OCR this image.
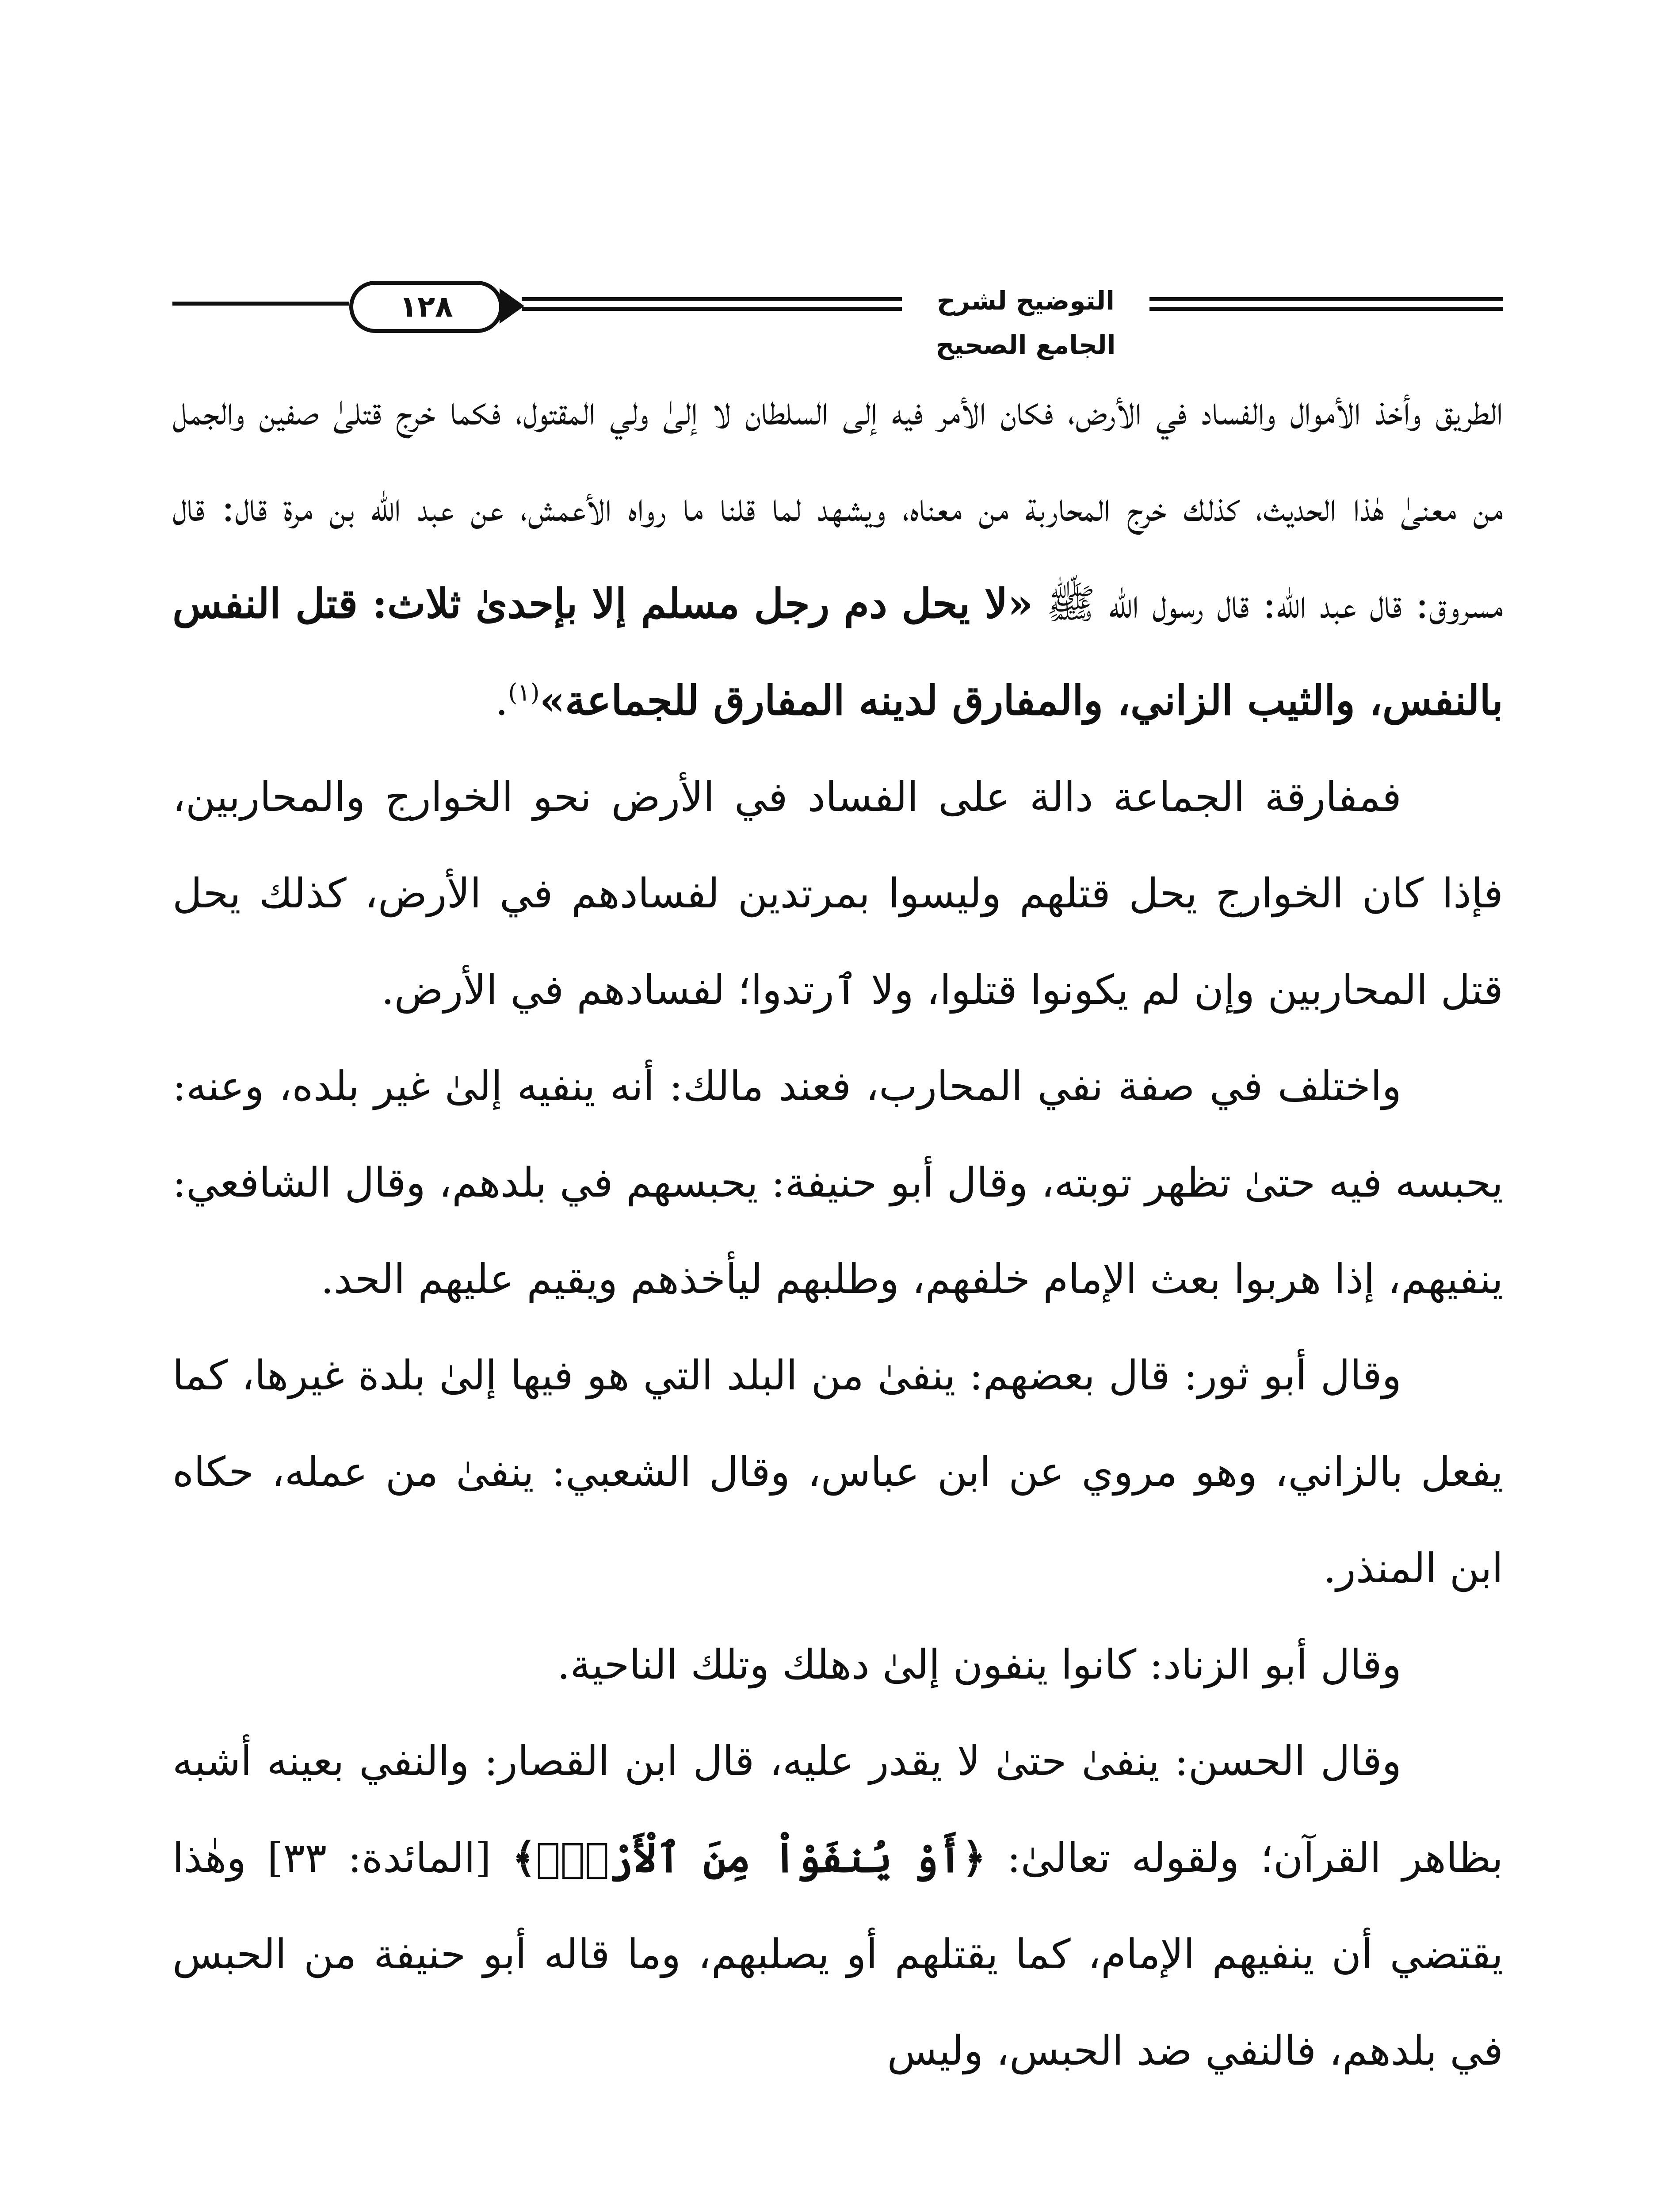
١٢٨	التوضيح لشرح الجامع الصحيح

الطريق وأخذ الأموال والفساد في الأرض، فكان الأمر فيه إلى السلطان لا إلىٰ ولي المقتول، فكما خرج قتلىٰ صفين والجمل من معنىٰ هٰذا الحديث، كذلك خرج المحاربة من معناه، ويشهد لما قلنا ما رواه الأعمش، عن عبد الله بن مرة قال: قال مسروق: قال عبد الله: قال رسول الله ﷺ «لا يحل دم رجل مسلم إلا بإحدىٰ ثلاث: قتل النفس بالنفس، والثيب الزاني، والمفارق لدينه المفارق للجماعة»$^{(١)}$.

فمفارقة الجماعة دالة على الفساد في الأرض نحو الخوارج والمحاربين، فإذا كان الخوارج يحل قتلهم وليسوا بمرتدين لفسادهم في الأرض، كذلك يحل قتل المحاربين وإن لم يكونوا قتلوا، ولا ٱرتدوا؛ لفسادهم في الأرض.

واختلف في صفة نفي المحارب، فعند مالك: أنه ينفيه إلىٰ غير بلده، وعنه: يحبسه فيه حتىٰ تظهر توبته، وقال أبو حنيفة: يحبسهم في بلدهم، وقال الشافعي: ينفيهم، إذا هربوا بعث الإمام خلفهم، وطلبهم ليأخذهم ويقيم عليهم الحد.

وقال أبو ثور: قال بعضهم: ينفىٰ من البلد التي هو فيها إلىٰ بلدة غيرها، كما يفعل بالزاني، وهو مروي عن ابن عباس، وقال الشعبي: ينفىٰ من عمله، حكاه ابن المنذر.

وقال أبو الزناد: كانوا ينفون إلىٰ دهلك وتلك الناحية.

وقال الحسن: ينفىٰ حتىٰ لا يقدر عليه، قال ابن القصار: والنفي بعينه أشبه بظاهر القرآن؛ ولقوله تعالىٰ: ﴿أَوْ يُنفَوْاْ مِنَ ٱلْأَرْضِۚ﴾ [المائدة: ٣٣] وهٰذا يقتضي أن ينفيهم الإمام، كما يقتلهم أو يصلبهم، وما قاله أبو حنيفة من الحبس في بلدهم، فالنفي ضد الحبس، وليس
